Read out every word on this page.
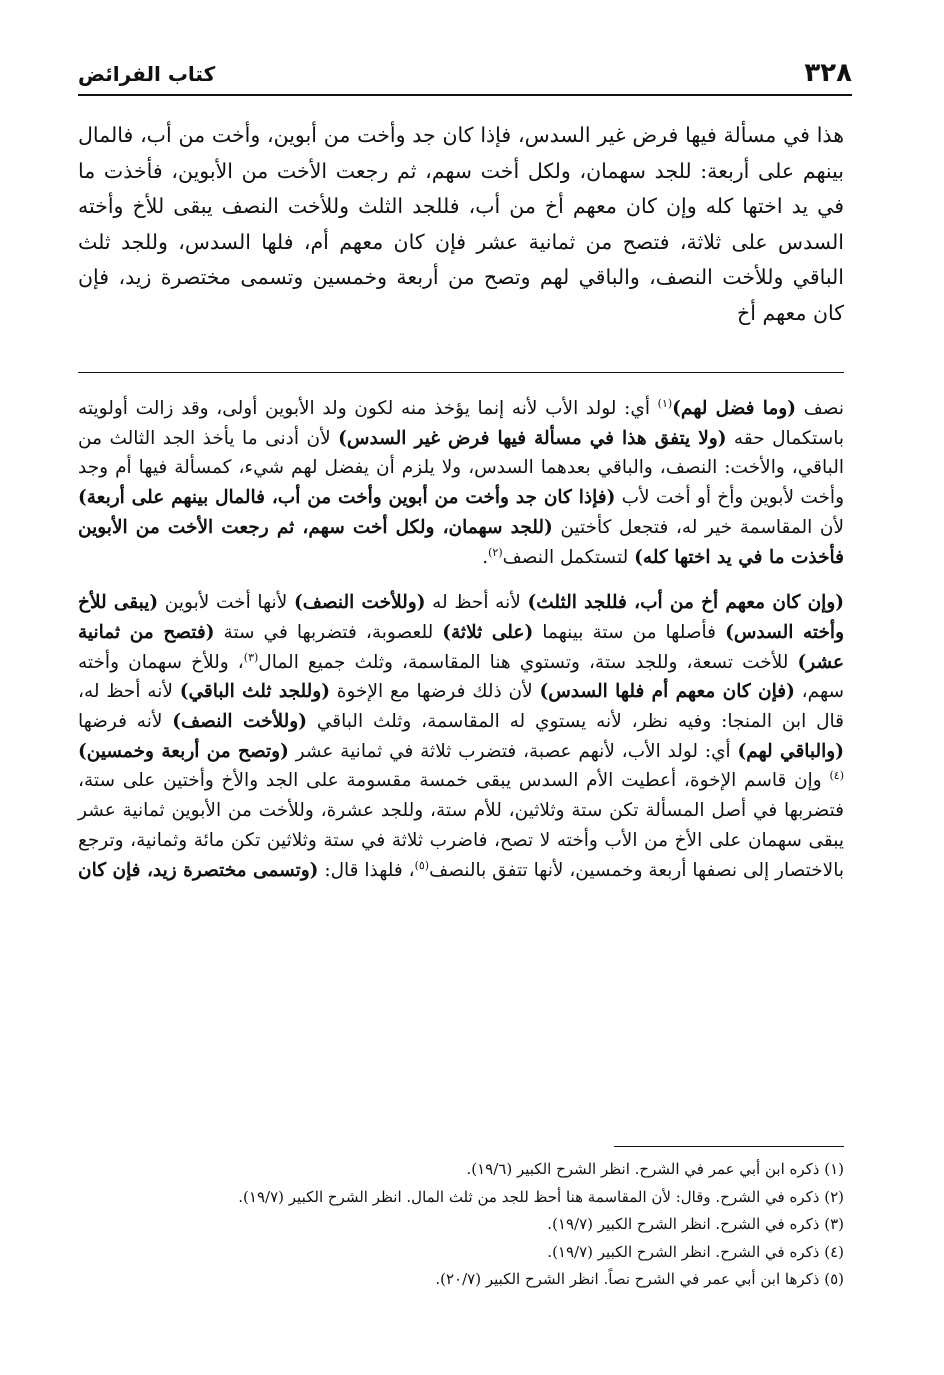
٣٢٨
كتاب الفرائض
هذا في مسألة فيها فرض غير السدس، فإذا كان جد وأخت من أبوين، وأخت من أب، فالمال بينهم على أربعة: للجد سهمان، ولكل أخت سهم، ثم رجعت الأخت من الأبوين، فأخذت ما في يد اختها كله وإن كان معهم أخ من أب، فللجد الثلث وللأخت النصف يبقى للأخ وأخته السدس على ثلاثة، فتصح من ثمانية عشر فإن كان معهم أم، فلها السدس، وللجد ثلث الباقي وللأخت النصف، والباقي لهم وتصح من أربعة وخمسين وتسمى مختصرة زيد، فإن كان معهم أخ

نصف (وما فضل لهم)$^{(١)}$ أي: لولد الأب لأنه إنما يؤخذ منه لكون ولد الأبوين أولى، وقد زالت أولويته باستكمال حقه (ولا يتفق هذا في مسألة فيها فرض غير السدس) لأن أدنى ما يأخذ الجد الثالث من الباقي، والأخت: النصف، والباقي بعدهما السدس، ولا يلزم أن يفضل لهم شيء، كمسألة فيها أم وجد وأخت لأبوين وأخ أو أخت لأب (فإذا كان جد وأخت من أبوين وأخت من أب، فالمال بينهم على أربعة) لأن المقاسمة خير له، فتجعل كأختين (للجد سهمان، ولكل أخت سهم، ثم رجعت الأخت من الأبوين فأخذت ما في يد اختها كله) لتستكمل النصف$^{(٢)}$.

(وإن كان معهم أخ من أب، فللجد الثلث) لأنه أحظ له (وللأخت النصف) لأنها أخت لأبوين (يبقى للأخ وأخته السدس) فأصلها من ستة بينهما (على ثلاثة) للعصوبة، فتضربها في ستة (فتصح من ثمانية عشر) للأخت تسعة، وللجد ستة، وتستوي هنا المقاسمة، وثلث جميع المال$^{(٣)}$، وللأخ سهمان وأخته سهم، (فإن كان معهم أم فلها السدس) لأن ذلك فرضها مع الإخوة (وللجد ثلث الباقي) لأنه أحظ له، قال ابن المنجا: وفيه نظر، لأنه يستوي له المقاسمة، وثلث الباقي (وللأخت النصف) لأنه فرضها (والباقي لهم) أي: لولد الأب، لأنهم عصبة، فتضرب ثلاثة في ثمانية عشر (وتصح من أربعة وخمسين)$^{(٤)}$ وإن قاسم الإخوة، أعطيت الأم السدس يبقى خمسة مقسومة على الجد والأخ وأختين على ستة، فتضربها في أصل المسألة تكن ستة وثلاثين، للأم ستة، وللجد عشرة، وللأخت من الأبوين ثمانية عشر يبقى سهمان على الأخ من الأب وأخته لا تصح، فاضرب ثلاثة في ستة وثلاثين تكن مائة وثمانية، وترجع بالاختصار إلى نصفها أربعة وخمسين، لأنها تتفق بالنصف$^{(٥)}$، فلهذا قال: (وتسمى مختصرة زيد، فإن كان

(١) ذكره ابن أبي عمر في الشرح. انظر الشرح الكبير (١٩/٦).
(٢) ذكره في الشرح. وقال: لأن المقاسمة هنا أحظ للجد من ثلث المال. انظر الشرح الكبير (١٩/٧).
(٣) ذكره في الشرح. انظر الشرح الكبير (١٩/٧).
(٤) ذكره في الشرح. انظر الشرح الكبير (١٩/٧).
(٥) ذكرها ابن أبي عمر في الشرح نصاً. انظر الشرح الكبير (٢٠/٧).
